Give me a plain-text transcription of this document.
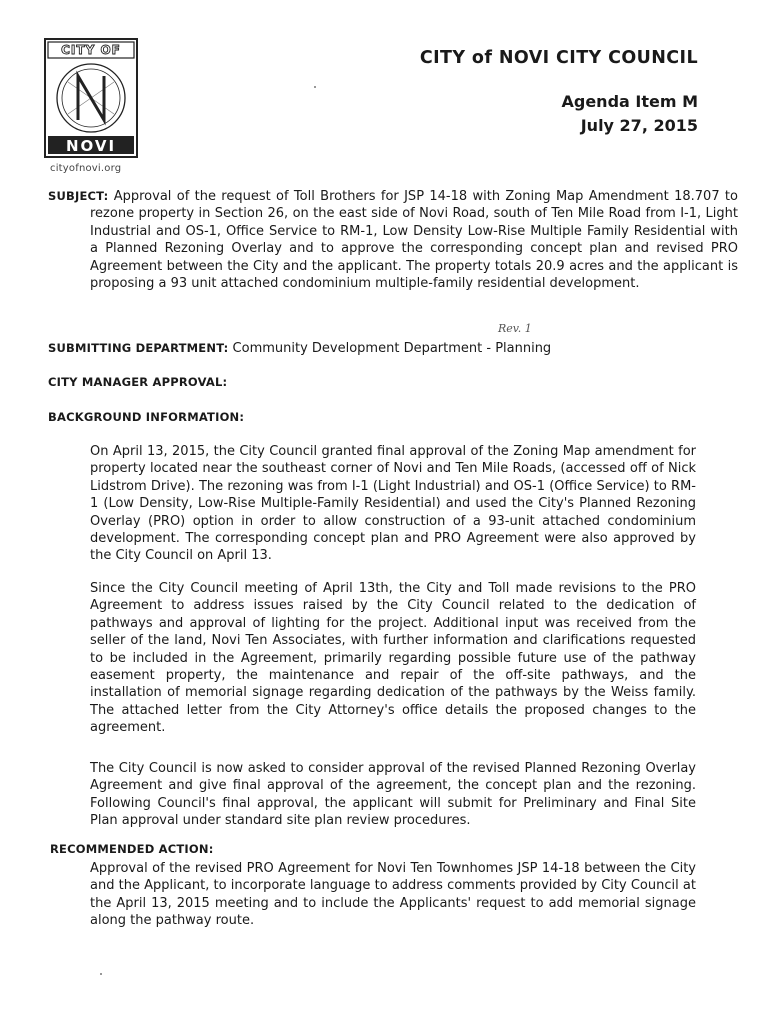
CITY OF
NOVI
cityofnovi.org
CITY of NOVI CITY COUNCIL
Agenda Item M
July 27, 2015
SUBJECT: Approval of the request of Toll Brothers for JSP 14-18 with Zoning Map Amendment 18.707 to rezone property in Section 26, on the east side of Novi Road, south of Ten Mile Road from I-1, Light Industrial and OS-1, Office Service to RM-1, Low Density Low-Rise Multiple Family Residential with a Planned Rezoning Overlay and to approve the corresponding concept plan and revised PRO Agreement between the City and the applicant. The property totals 20.9 acres and the applicant is proposing a 93 unit attached condominium multiple-family residential development.
Rev. 1
SUBMITTING DEPARTMENT: Community Development Department - Planning
CITY MANAGER APPROVAL:
BACKGROUND INFORMATION:

On April 13, 2015, the City Council granted final approval of the Zoning Map amendment for property located near the southeast corner of Novi and Ten Mile Roads, (accessed off of Nick Lidstrom Drive). The rezoning was from I-1 (Light Industrial) and OS-1 (Office Service) to RM-1 (Low Density, Low-Rise Multiple-Family Residential) and used the City's Planned Rezoning Overlay (PRO) option in order to allow construction of a 93-unit attached condominium development. The corresponding concept plan and PRO Agreement were also approved by the City Council on April 13.

Since the City Council meeting of April 13th, the City and Toll made revisions to the PRO Agreement to address issues raised by the City Council related to the dedication of pathways and approval of lighting for the project. Additional input was received from the seller of the land, Novi Ten Associates, with further information and clarifications requested to be included in the Agreement, primarily regarding possible future use of the pathway easement property, the maintenance and repair of the off-site pathways, and the installation of memorial signage regarding dedication of the pathways by the Weiss family. The attached letter from the City Attorney's office details the proposed changes to the agreement.

The City Council is now asked to consider approval of the revised Planned Rezoning Overlay Agreement and give final approval of the agreement, the concept plan and the rezoning. Following Council's final approval, the applicant will submit for Preliminary and Final Site Plan approval under standard site plan review procedures.

RECOMMENDED ACTION:

Approval of the revised PRO Agreement for Novi Ten Townhomes JSP 14-18 between the City and the Applicant, to incorporate language to address comments provided by City Council at the April 13, 2015 meeting and to include the Applicants' request to add memorial signage along the pathway route.
